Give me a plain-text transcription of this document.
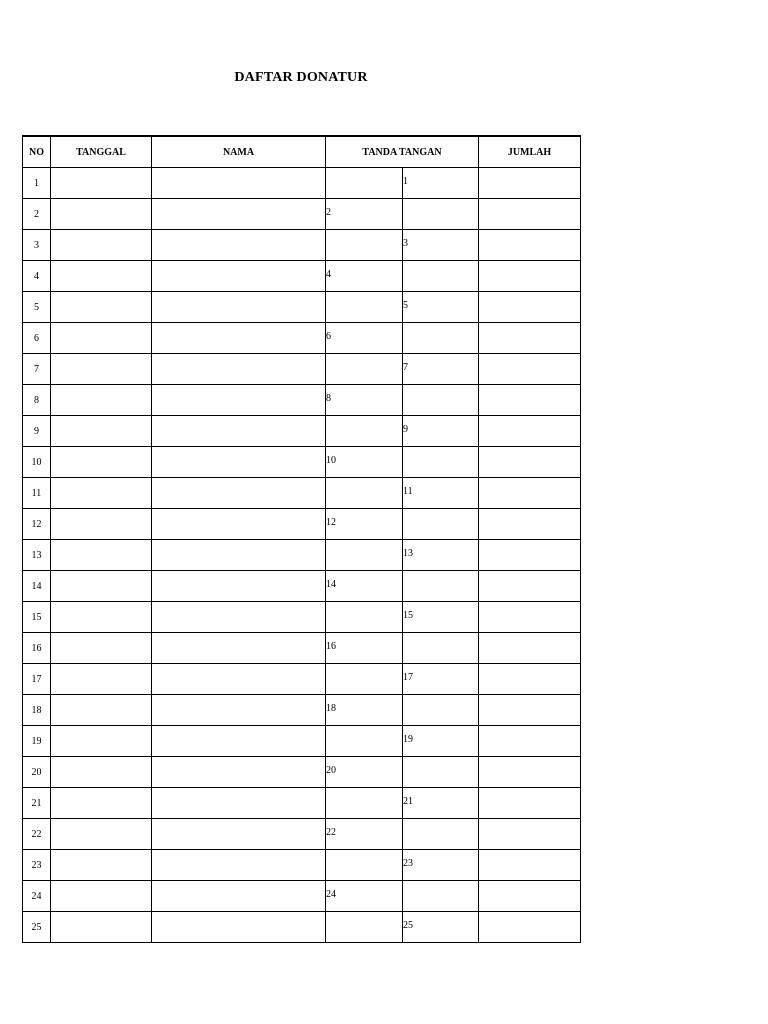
DAFTAR DONATUR
NO	TANGGAL	NAMA	TANDA TANGAN		JUMLAH
1				1	
2			2		
3				3	
4			4		
5				5	
6			6		
7				7	
8			8		
9				9	
10			10		
11				11	
12			12		
13				13	
14			14		
15				15	
16			16		
17				17	
18			18		
19				19	
20			20		
21				21	
22			22		
23				23	
24			24		
25				25	
